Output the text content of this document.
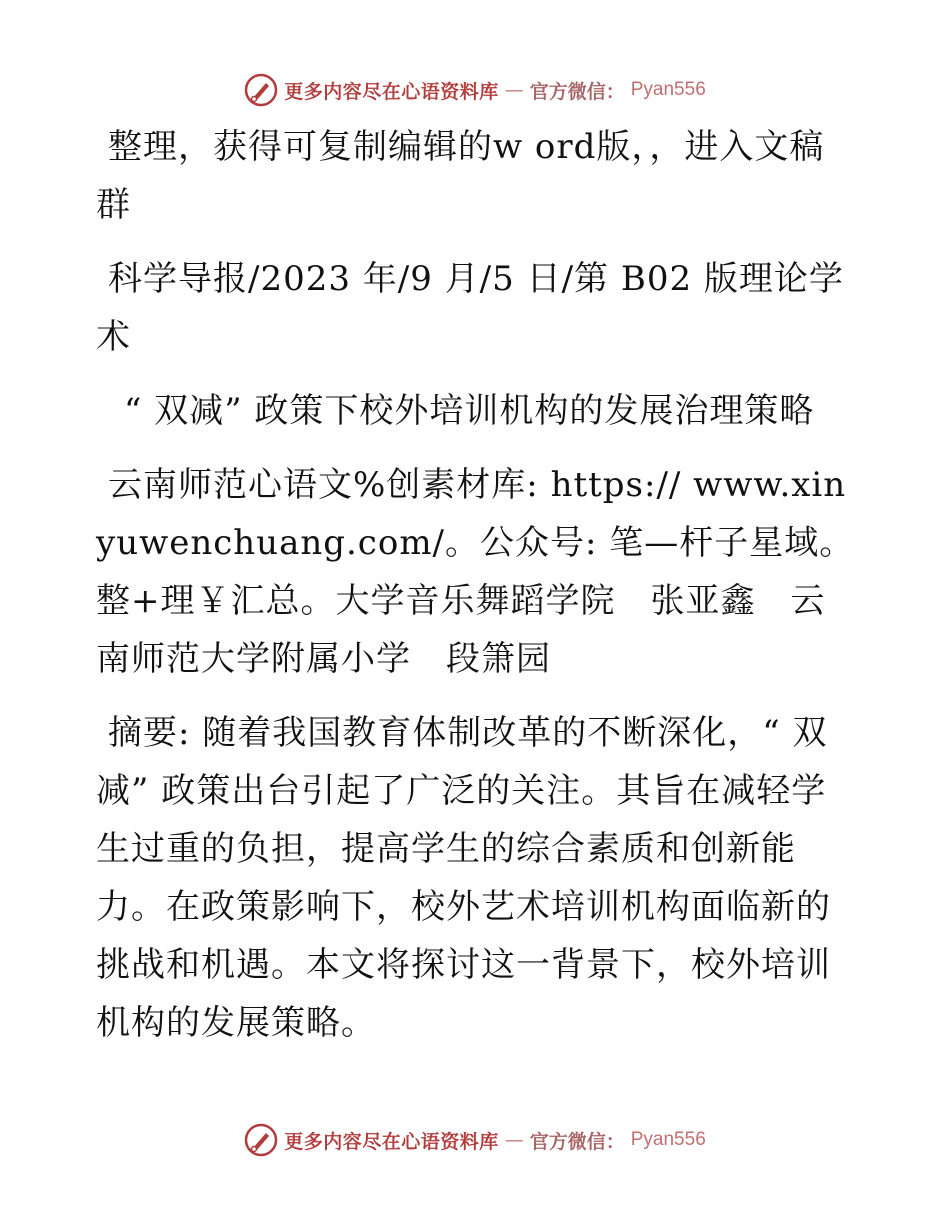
更多内容尽在心语资料库 — 官方微信： Pyan556

整理，获得可复制编辑的w ord版，，进入文稿群

科学导报/2023 年/9 月/5 日/第 B02 版理论学术

“ 双减” 政策下校外培训机构的发展治理策略

云南师范心语文%创素材库: https:// www.xinyuwenchuang.com/。公众号: 笔—杆子星域。整+理￥汇总。大学音乐舞蹈学院　张亚鑫　云南师范大学附属小学　段箫园

摘要: 随着我国教育体制改革的不断深化，“ 双减” 政策出台引起了广泛的关注。其旨在减轻学生过重的负担，提高学生的综合素质和创新能力。在政策影响下，校外艺术培训机构面临新的挑战和机遇。本文将探讨这一背景下，校外培训机构的发展策略。

更多内容尽在心语资料库 — 官方微信： Pyan556
